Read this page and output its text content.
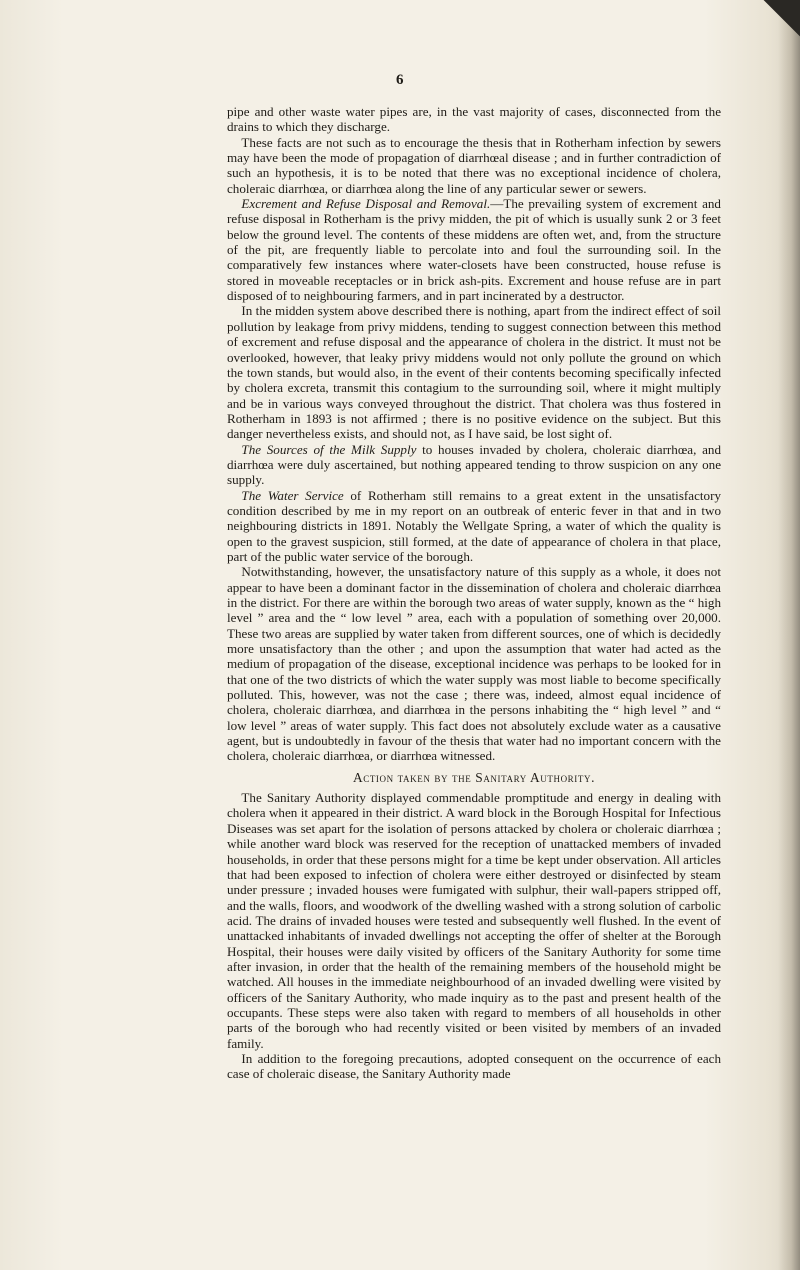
6

pipe and other waste water pipes are, in the vast majority of cases, disconnected from the drains to which they discharge.

These facts are not such as to encourage the thesis that in Rotherham infection by sewers may have been the mode of propagation of diarrhœal disease ; and in further contradiction of such an hypothesis, it is to be noted that there was no exceptional incidence of cholera, choleraic diarrhœa, or diarrhœa along the line of any particular sewer or sewers.

Excrement and Refuse Disposal and Removal.—The prevailing system of excrement and refuse disposal in Rotherham is the privy midden, the pit of which is usually sunk 2 or 3 feet below the ground level. The contents of these middens are often wet, and, from the structure of the pit, are frequently liable to percolate into and foul the surrounding soil. In the comparatively few instances where water-closets have been constructed, house refuse is stored in moveable receptacles or in brick ash-pits. Excrement and house refuse are in part disposed of to neighbouring farmers, and in part incinerated by a destructor.

In the midden system above described there is nothing, apart from the indirect effect of soil pollution by leakage from privy middens, tending to suggest connection between this method of excrement and refuse disposal and the appearance of cholera in the district. It must not be overlooked, however, that leaky privy middens would not only pollute the ground on which the town stands, but would also, in the event of their contents becoming specifically infected by cholera excreta, transmit this contagium to the surrounding soil, where it might multiply and be in various ways conveyed throughout the district. That cholera was thus fostered in Rotherham in 1893 is not affirmed ; there is no positive evidence on the subject. But this danger nevertheless exists, and should not, as I have said, be lost sight of.

The Sources of the Milk Supply to houses invaded by cholera, choleraic diarrhœa, and diarrhœa were duly ascertained, but nothing appeared tending to throw suspicion on any one supply.

The Water Service of Rotherham still remains to a great extent in the unsatisfactory condition described by me in my report on an outbreak of enteric fever in that and in two neighbouring districts in 1891. Notably the Wellgate Spring, a water of which the quality is open to the gravest suspicion, still formed, at the date of appearance of cholera in that place, part of the public water service of the borough.

Notwithstanding, however, the unsatisfactory nature of this supply as a whole, it does not appear to have been a dominant factor in the dissemination of cholera and choleraic diarrhœa in the district. For there are within the borough two areas of water supply, known as the “ high level ” area and the “ low level ” area, each with a population of something over 20,000. These two areas are supplied by water taken from different sources, one of which is decidedly more unsatisfactory than the other ; and upon the assumption that water had acted as the medium of propagation of the disease, exceptional incidence was perhaps to be looked for in that one of the two districts of which the water supply was most liable to become specifically polluted. This, however, was not the case ; there was, indeed, almost equal incidence of cholera, choleraic diarrhœa, and diarrhœa in the persons inhabiting the “ high level ” and “ low level ” areas of water supply. This fact does not absolutely exclude water as a causative agent, but is undoubtedly in favour of the thesis that water had no important concern with the cholera, choleraic diarrhœa, or diarrhœa witnessed.

Action taken by the Sanitary Authority.

The Sanitary Authority displayed commendable promptitude and energy in dealing with cholera when it appeared in their district. A ward block in the Borough Hospital for Infectious Diseases was set apart for the isolation of persons attacked by cholera or choleraic diarrhœa ; while another ward block was reserved for the reception of unattacked members of invaded households, in order that these persons might for a time be kept under observation. All articles that had been exposed to infection of cholera were either destroyed or disinfected by steam under pressure ; invaded houses were fumigated with sulphur, their wall-papers stripped off, and the walls, floors, and woodwork of the dwelling washed with a strong solution of carbolic acid. The drains of invaded houses were tested and subsequently well flushed. In the event of unattacked inhabitants of invaded dwellings not accepting the offer of shelter at the Borough Hospital, their houses were daily visited by officers of the Sanitary Authority for some time after invasion, in order that the health of the remaining members of the household might be watched. All houses in the immediate neighbourhood of an invaded dwelling were visited by officers of the Sanitary Authority, who made inquiry as to the past and present health of the occupants. These steps were also taken with regard to members of all households in other parts of the borough who had recently visited or been visited by members of an invaded family.

In addition to the foregoing precautions, adopted consequent on the occurrence of each case of choleraic disease, the Sanitary Authority made
